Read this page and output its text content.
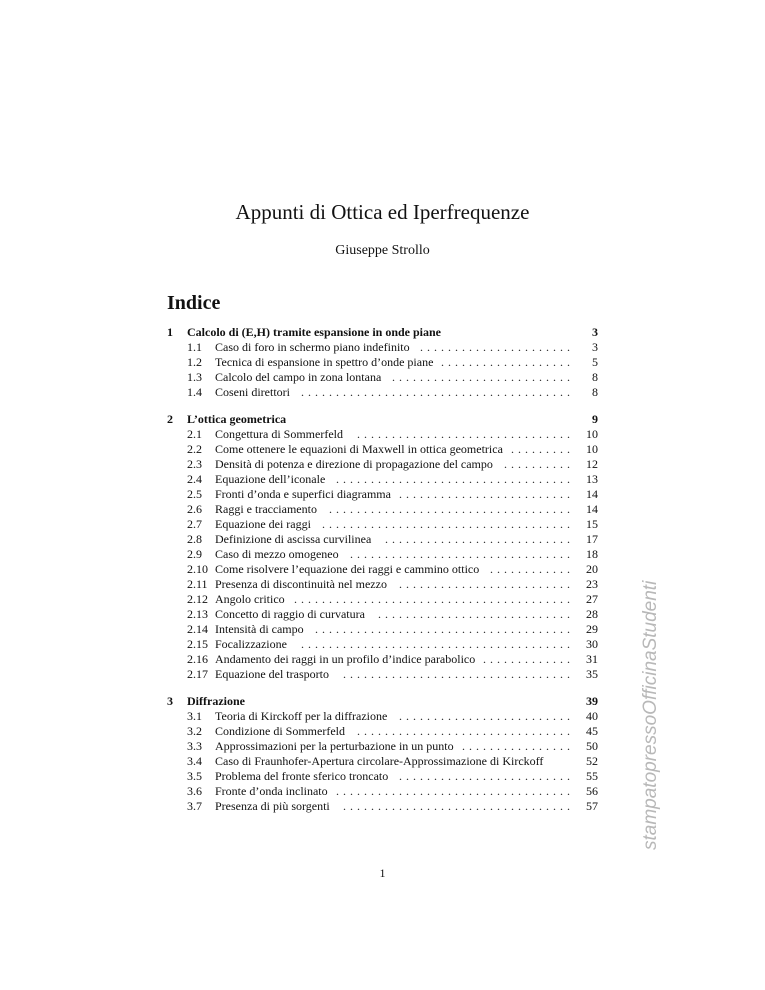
Appunti di Ottica ed Iperfrequenze
Giuseppe Strollo
Indice
1 Calcolo di (E,H) tramite espansione in onde piane	3
1.1 Caso di foro in schermo piano indefinito ......................	3
1.2 Tecnica di espansione in spettro d’onde piane ...................	5
1.3 Calcolo del campo in zona lontana ..........................	8
1.4 Coseni direttori .......................................	8
2 L’ottica geometrica	9
2.1 Congettura di Sommerfeld	...............................	10
2.2 Come ottenere le equazioni di Maxwell in ottica geometrica .........	10
2.3 Densità di potenza e direzione di propagazione del campo ..........	12
2.4 Equazione dell’iconale ..................................	13
2.5 Fronti d’onda e superfici diagramma .........................	14
2.6 Raggi e tracciamento	...................................	14
2.7 Equazione dei raggi ....................................	15
2.8 Definizione di ascissa curvilinea	...........................	17
2.9 Caso di mezzo omogeneo ................................	18
2.10 Come risolvere l’equazione dei raggi e cammino ottico ............	20
2.11 Presenza di discontinuità nel mezzo	.........................	23
2.12 Angolo critico ........................................	27
2.13 Concetto di raggio di curvatura	............................	28
2.14 Intensità di campo .....................................	29
2.15 Focalizzazione	.......................................	30
2.16 Andamento dei raggi in un profilo d’indice parabolico .............	31
2.17 Equazione del trasporto	.................................	35
3 Diffrazione	39
3.1 Teoria di Kirckoff per la diffrazione .........................	40
3.2 Condizione di Sommerfeld	...............................	45
3.3 Approssimazioni per la perturbazione in un punto ................	50
3.4 Caso di Fraunhofer-Apertura circolare-Approssimazione di Kirckoff	52
3.5 Problema del fronte sferico troncato .........................	55
3.6 Fronte d’onda inclinato ..................................	56
3.7 Presenza di più sorgenti	.................................	57
1
stampatopressoOfficinaStudenti
